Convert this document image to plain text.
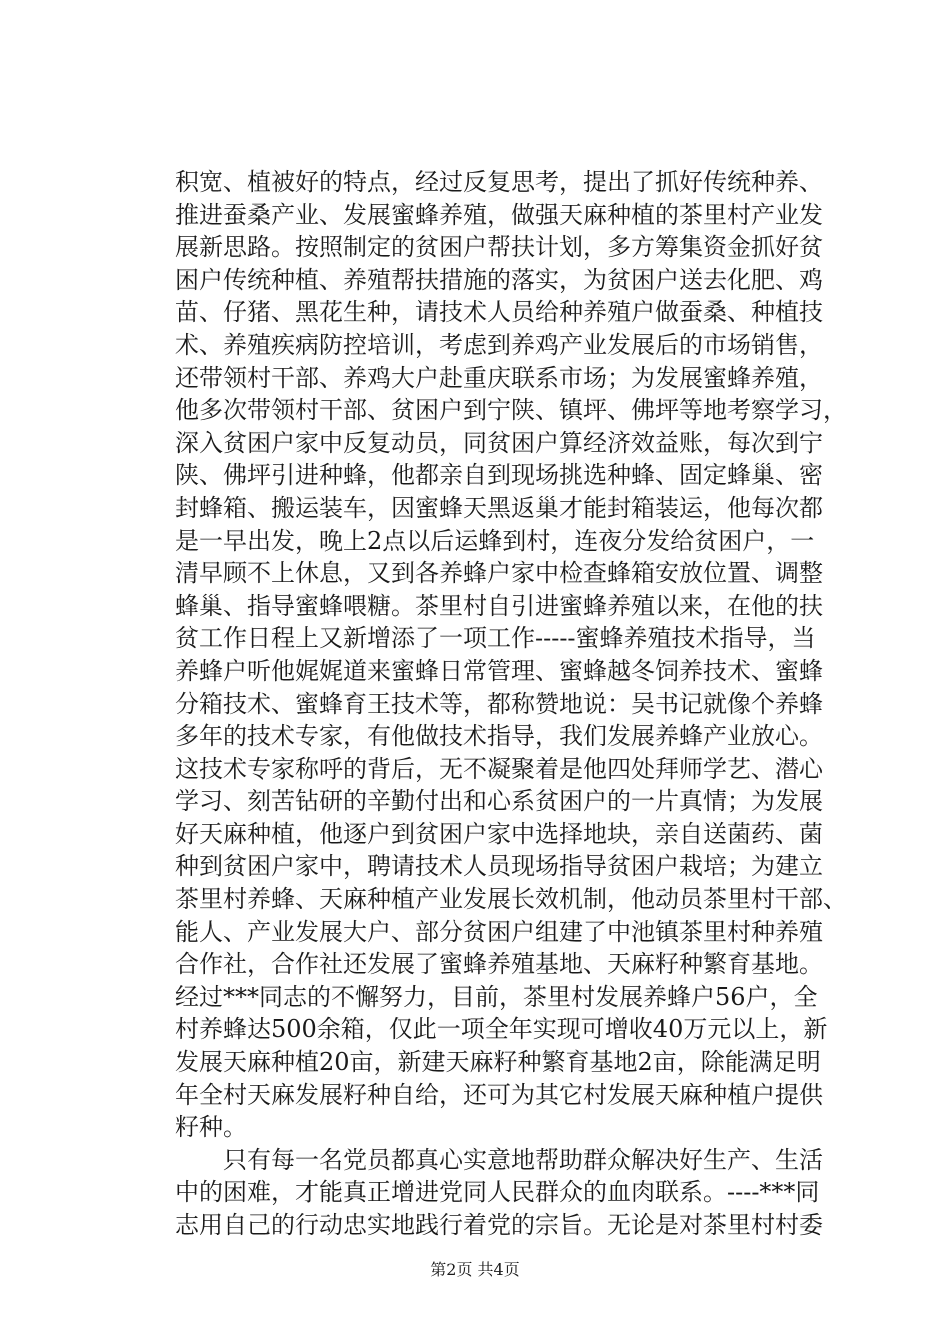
积宽、植被好的特点，经过反复思考，提出了抓好传统种养、
推进蚕桑产业、发展蜜蜂养殖，做强天麻种植的茶里村产业发
展新思路。按照制定的贫困户帮扶计划，多方筹集资金抓好贫
困户传统种植、养殖帮扶措施的落实，为贫困户送去化肥、鸡
苗、仔猪、黑花生种，请技术人员给种养殖户做蚕桑、种植技
术、养殖疾病防控培训，考虑到养鸡产业发展后的市场销售，
还带领村干部、养鸡大户赴重庆联系市场；为发展蜜蜂养殖，
他多次带领村干部、贫困户到宁陕、镇坪、佛坪等地考察学习，
深入贫困户家中反复动员，同贫困户算经济效益账，每次到宁
陕、佛坪引进种蜂，他都亲自到现场挑选种蜂、固定蜂巢、密
封蜂箱、搬运装车，因蜜蜂天黑返巢才能封箱装运，他每次都
是一早出发，晚上2点以后运蜂到村，连夜分发给贫困户，一
清早顾不上休息，又到各养蜂户家中检查蜂箱安放位置、调整
蜂巢、指导蜜蜂喂糖。茶里村自引进蜜蜂养殖以来，在他的扶
贫工作日程上又新增添了一项工作-----蜜蜂养殖技术指导，当
养蜂户听他娓娓道来蜜蜂日常管理、蜜蜂越冬饲养技术、蜜蜂
分箱技术、蜜蜂育王技术等，都称赞地说：吴书记就像个养蜂
多年的技术专家，有他做技术指导，我们发展养蜂产业放心。
这技术专家称呼的背后，无不凝聚着是他四处拜师学艺、潜心
学习、刻苦钻研的辛勤付出和心系贫困户的一片真情；为发展
好天麻种植，他逐户到贫困户家中选择地块，亲自送菌药、菌
种到贫困户家中，聘请技术人员现场指导贫困户栽培；为建立
茶里村养蜂、天麻种植产业发展长效机制，他动员茶里村干部、
能人、产业发展大户、部分贫困户组建了中池镇茶里村种养殖
合作社，合作社还发展了蜜蜂养殖基地、天麻籽种繁育基地。
经过***同志的不懈努力，目前，茶里村发展养蜂户56户，全
村养蜂达500余箱，仅此一项全年实现可增收40万元以上，新
发展天麻种植20亩，新建天麻籽种繁育基地2亩，除能满足明
年全村天麻发展籽种自给，还可为其它村发展天麻种植户提供
籽种。
　　只有每一名党员都真心实意地帮助群众解决好生产、生活
中的困难，才能真正增进党同人民群众的血肉联系。----***同
志用自己的行动忠实地践行着党的宗旨。无论是对茶里村村委
第2页 共4页
